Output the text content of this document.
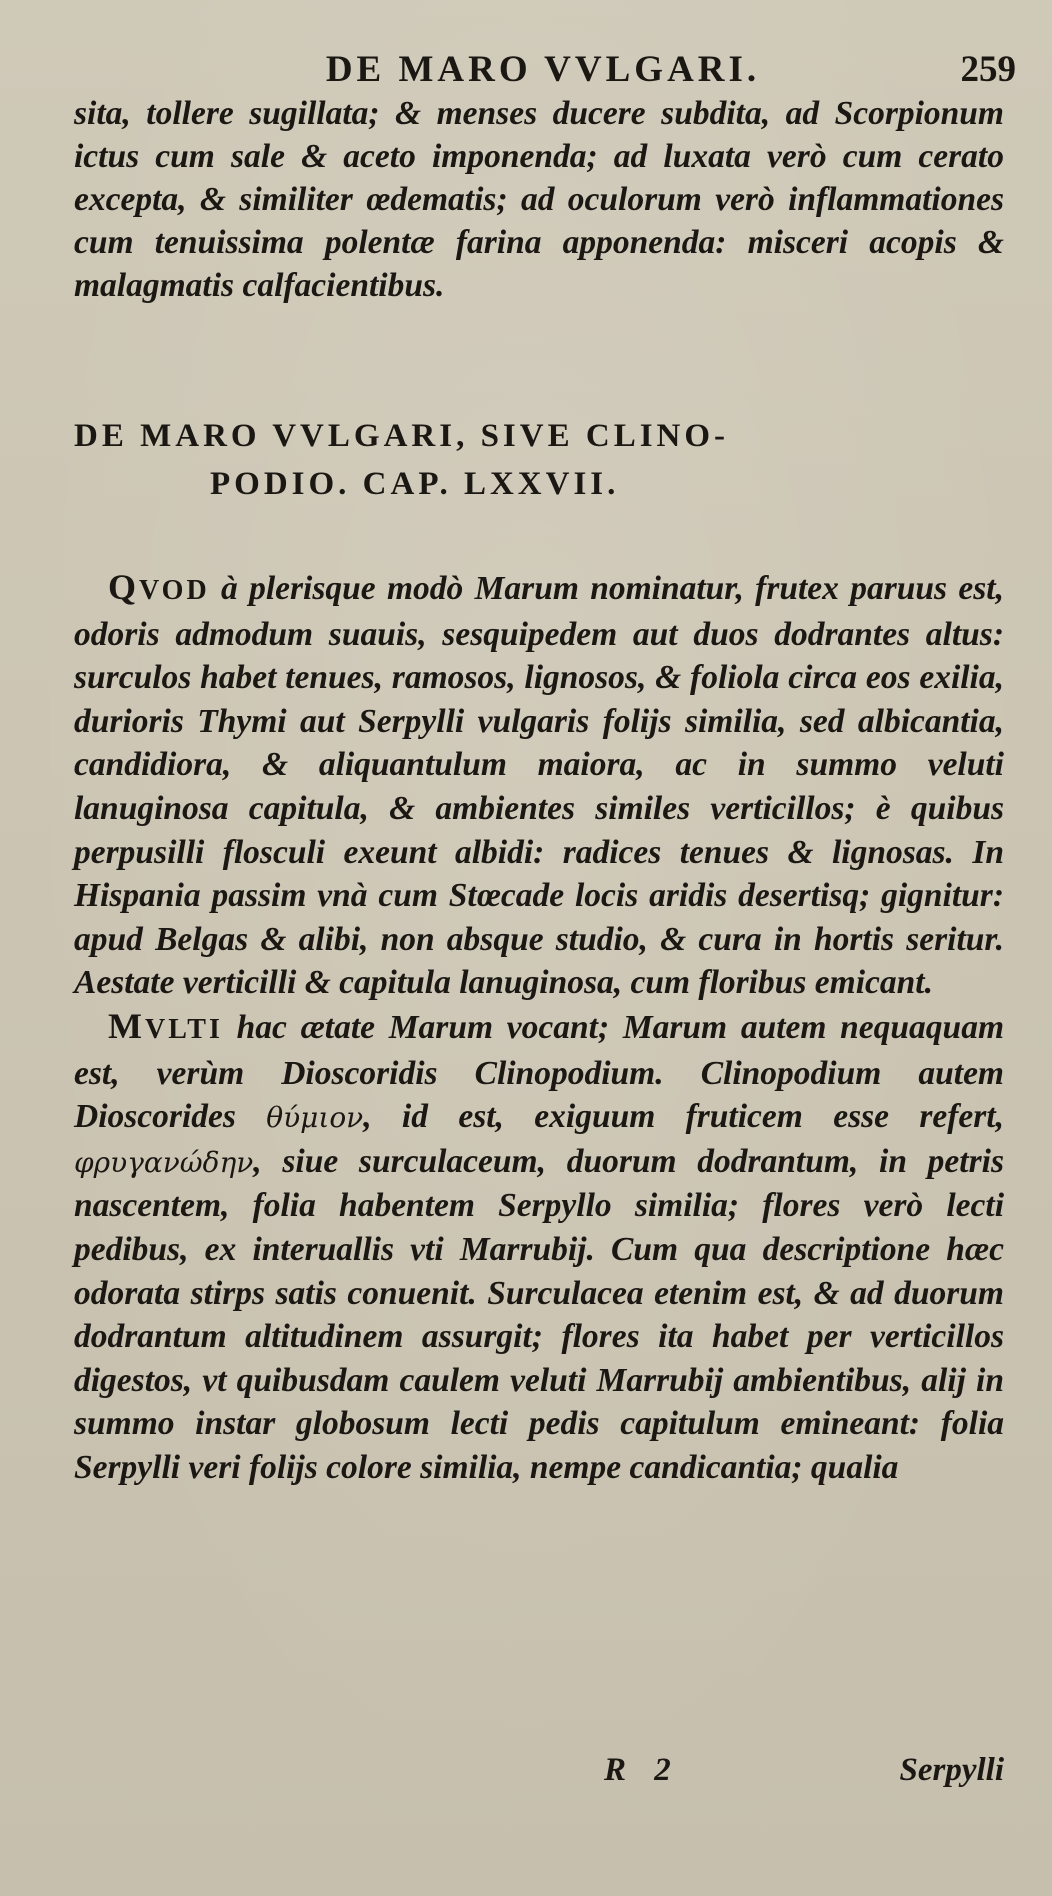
DE MARO VVLGARI.	259

sita, tollere sugillata; & menses ducere subdita, ad Scorpionum ictus cum sale & aceto imponenda; ad luxata verò cum cerato excepta, & similiter œdematis; ad oculorum verò inflammationes cum tenuissima polentæ farina apponenda: misceri acopis & malagmatis calfacientibus.

DE MARO VVLGARI, SIVE CLINO-
PODIO. CAP. LXXVII.

QVOD à plerisque modò Marum nominatur, frutex paruus est, odoris admodum suauis, sesquipedem aut duos dodrantes altus: surculos habet tenues, ramosos, lignosos, & foliola circa eos exilia, durioris Thymi aut Serpylli vulgaris folijs similia, sed albicantia, candidiora, & aliquantulum maiora, ac in summo veluti lanuginosa capitula, & ambientes similes verticillos; è quibus perpusilli flosculi exeunt albidi: radices tenues & lignosas. In Hispania passim vnà cum Stœcade locis aridis desertisq; gignitur: apud Belgas & alibi, non absque studio, & cura in hortis seritur. Aestate verticilli & capitula lanuginosa, cum floribus emicant.

MVLTI hac ætate Marum vocant; Marum autem nequaquam est, verùm Dioscoridis Clinopodium. Clinopodium autem Dioscorides θύμιον, id est, exiguum fruticem esse refert, φρυγανώδην, siue surculaceum, duorum dodrantum, in petris nascentem, folia habentem Serpyllo similia; flores verò lecti pedibus, ex interuallis vti Marrubij. Cum qua descriptione hæc odorata stirps satis conuenit. Surculacea etenim est, & ad duorum dodrantum altitudinem assurgit; flores ita habet per verticillos digestos, vt quibusdam caulem veluti Marrubij ambientibus, alij in summo instar globosum lecti pedis capitulum emineant: folia Serpylli veri folijs colore similia, nempe candicantia; qualia

R 2	Serpylli
